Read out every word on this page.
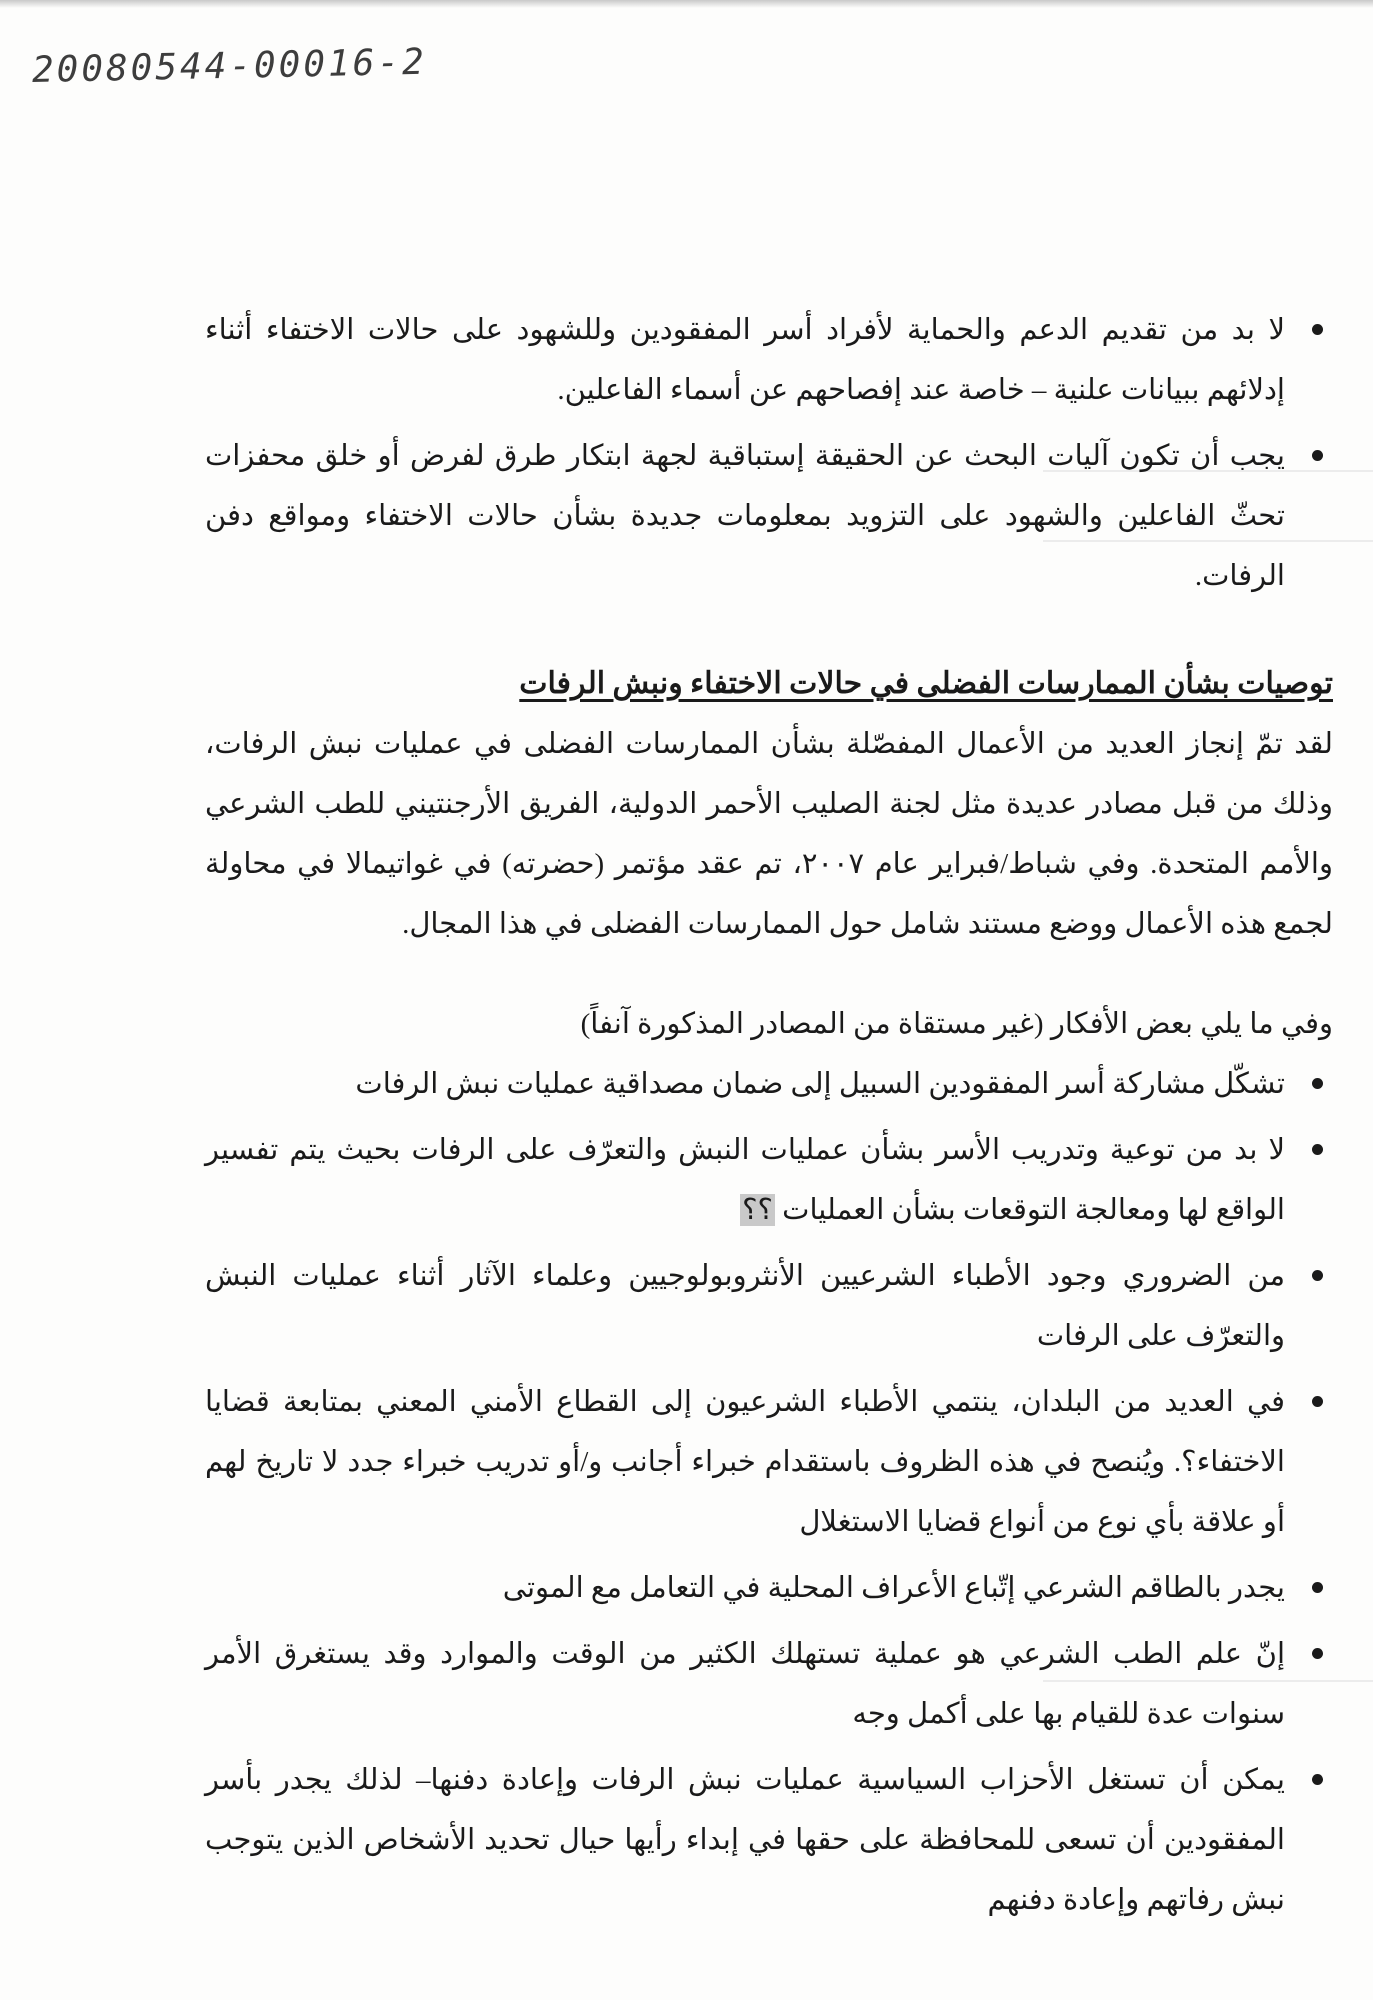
20080544-00016-2
لا بد من تقديم الدعم والحماية لأفراد أسر المفقودين وللشهود على حالات الاختفاء أثناء إدلائهم ببيانات علنية – خاصة عند إفصاحهم عن أسماء الفاعلين.
يجب أن تكون آليات البحث عن الحقيقة إستباقية لجهة ابتكار طرق لفرض أو خلق محفزات تحثّ الفاعلين والشهود على التزويد بمعلومات جديدة بشأن حالات الاختفاء ومواقع دفن الرفات.
توصيات بشأن الممارسات الفضلى في حالات الاختفاء ونبش الرفات

لقد تمّ إنجاز العديد من الأعمال المفصّلة بشأن الممارسات الفضلى في عمليات نبش الرفات، وذلك من قبل مصادر عديدة مثل لجنة الصليب الأحمر الدولية، الفريق الأرجنتيني للطب الشرعي والأمم المتحدة. وفي شباط/فبراير عام ٢٠٠٧، تم عقد مؤتمر (حضرته) في غواتيمالا في محاولة لجمع هذه الأعمال ووضع مستند شامل حول الممارسات الفضلى في هذا المجال.

وفي ما يلي بعض الأفكار (غير مستقاة من المصادر المذكورة آنفاً)

تشكّل مشاركة أسر المفقودين السبيل إلى ضمان مصداقية عمليات نبش الرفات
لا بد من توعية وتدريب الأسر بشأن عمليات النبش والتعرّف على الرفات بحيث يتم تفسير الواقع لها ومعالجة التوقعات بشأن العمليات ؟؟
من الضروري وجود الأطباء الشرعيين الأنثروبولوجيين وعلماء الآثار أثناء عمليات النبش والتعرّف على الرفات
في العديد من البلدان، ينتمي الأطباء الشرعيون إلى القطاع الأمني المعني بمتابعة قضايا الاختفاء؟. ويُنصح في هذه الظروف باستقدام خبراء أجانب و/أو تدريب خبراء جدد لا تاريخ لهم أو علاقة بأي نوع من أنواع قضايا الاستغلال
يجدر بالطاقم الشرعي إتّباع الأعراف المحلية في التعامل مع الموتى
إنّ علم الطب الشرعي هو عملية تستهلك الكثير من الوقت والموارد وقد يستغرق الأمر سنوات عدة للقيام بها على أكمل وجه
يمكن أن تستغل الأحزاب السياسية عمليات نبش الرفات وإعادة دفنها– لذلك يجدر بأسر المفقودين أن تسعى للمحافظة على حقها في إبداء رأيها حيال تحديد الأشخاص الذين يتوجب نبش رفاتهم وإعادة دفنهم
